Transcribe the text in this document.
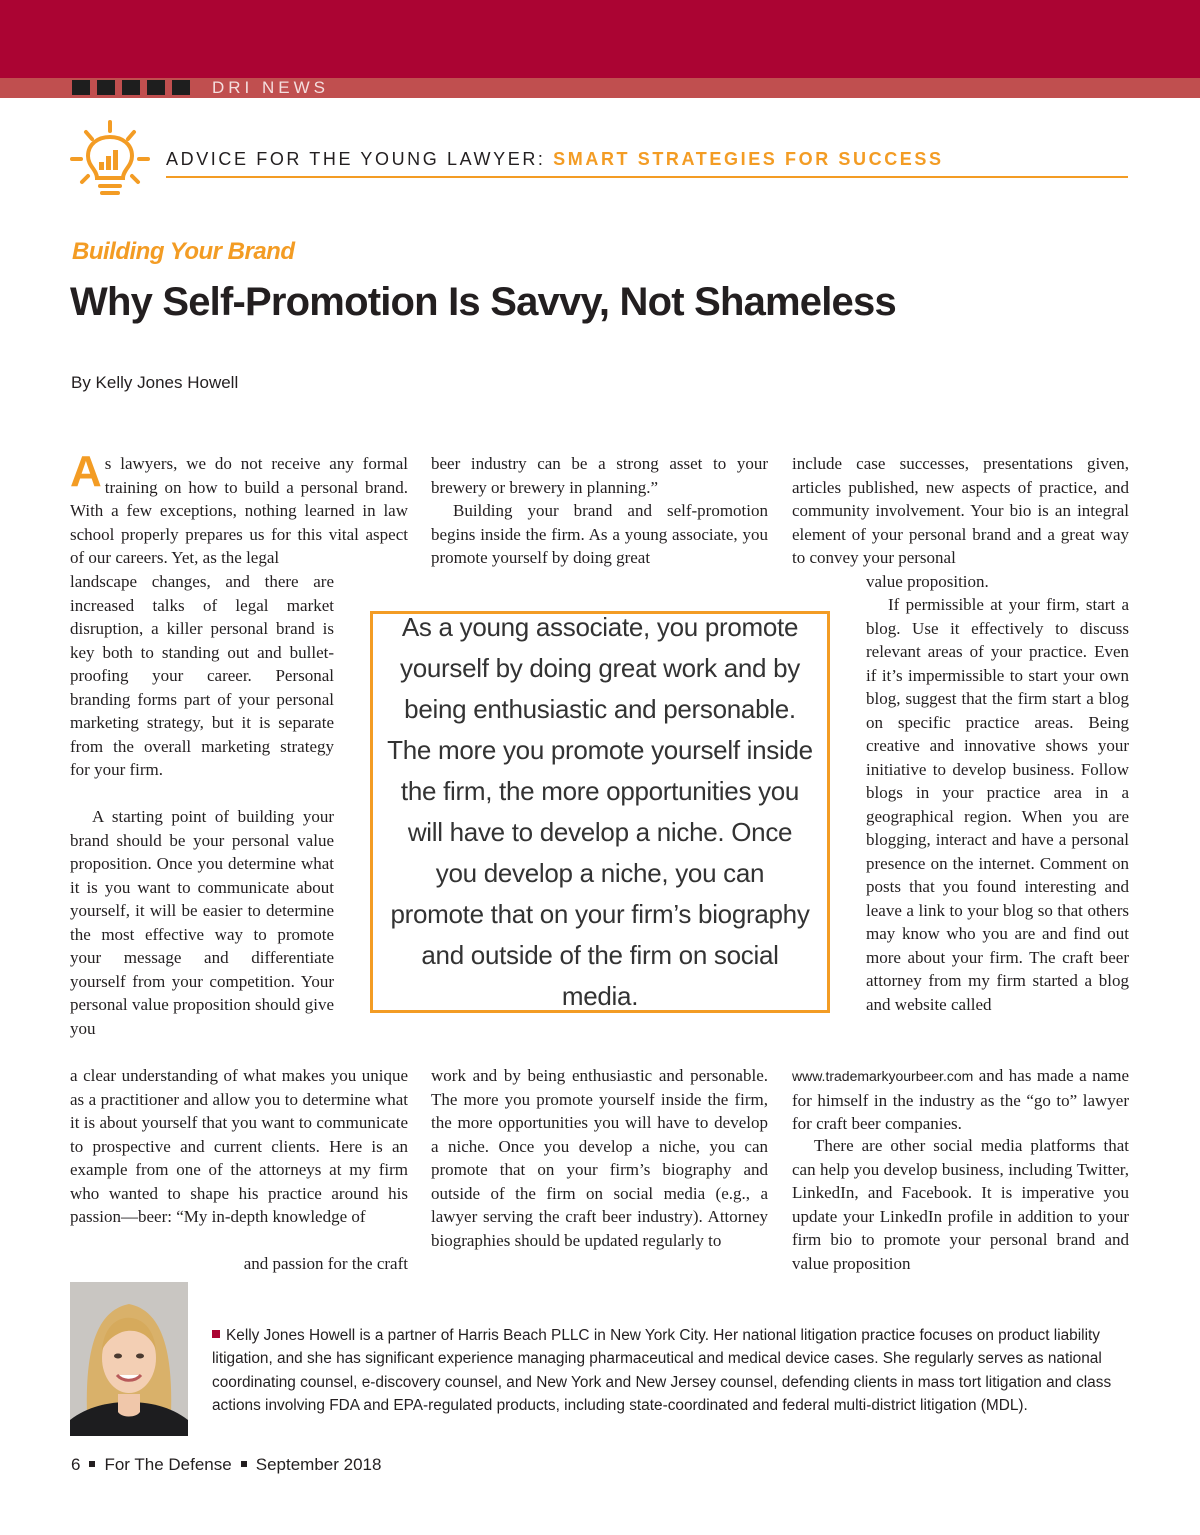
DRI NEWS
ADVICE FOR THE YOUNG LAWYER: SMART STRATEGIES FOR SUCCESS
Building Your Brand
Why Self-Promotion Is Savvy, Not Shameless
By Kelly Jones Howell

As lawyers, we do not receive any formal training on how to build a personal brand. With a few exceptions, nothing learned in law school properly prepares us for this vital aspect of our careers. Yet, as the legal

landscape changes, and there are increased talks of legal market disruption, a killer personal brand is key both to standing out and bullet-proofing your career. Personal branding forms part of your personal marketing strategy, but it is separate from the overall marketing strategy for your firm.

A starting point of building your brand should be your personal value proposition. Once you determine what it is you want to communicate about yourself, it will be easier to determine the most effective way to promote your message and differentiate yourself from your competition. Your personal value proposition should give you

a clear understanding of what makes you unique as a practitioner and allow you to determine what it is about yourself that you want to communicate to prospective and current clients. Here is an example from one of the attorneys at my firm who wanted to shape his practice around his passion—beer: “My in-depth knowledge of

and passion for the craft

beer industry can be a strong asset to your brewery or brewery in planning.”

Building your brand and self-promotion begins inside the firm. As a young associate, you promote yourself by doing great

work and by being enthusiastic and personable. The more you promote yourself inside the firm, the more opportunities you will have to develop a niche. Once you develop a niche, you can promote that on your firm’s biography and outside of the firm on social media (e.g., a lawyer serving the craft beer industry). Attorney biographies should be updated regularly to

include case successes, presentations given, articles published, new aspects of practice, and community involvement. Your bio is an integral element of your personal brand and a great way to convey your personal

value proposition.

If permissible at your firm, start a blog. Use it effectively to discuss relevant areas of your practice. Even if it’s impermissible to start your own blog, suggest that the firm start a blog on specific practice areas. Being creative and innovative shows your initiative to develop business. Follow blogs in your practice area in a geographical region. When you are blogging, interact and have a personal presence on the internet. Comment on posts that you found interesting and leave a link to your blog so that others may know who you are and find out more about your firm. The craft beer attorney from my firm started a blog and website called

www.trademarkyourbeer.com and has made a name for himself in the industry as the “go to” lawyer for craft beer companies.

There are other social media platforms that can help you develop business, including Twitter, LinkedIn, and Facebook. It is imperative you update your LinkedIn profile in addition to your firm bio to promote your personal brand and value proposition

As a young associate, you promote yourself by doing great work and by being enthusiastic and personable. The more you promote yourself inside the firm, the more opportunities you will have to develop a niche. Once you develop a niche, you can promote that on your firm’s biography and outside of the firm on social media.

Kelly Jones Howell is a partner of Harris Beach PLLC in New York City. Her national litigation practice focuses on product liability litigation, and she has significant experience managing pharmaceutical and medical device cases. She regularly serves as national coordinating counsel, e-discovery counsel, and New York and New Jersey counsel, defending clients in mass tort litigation and class actions involving FDA and EPA-regulated products, including state-coordinated and federal multi-district litigation (MDL).

6 For The Defense September 2018
